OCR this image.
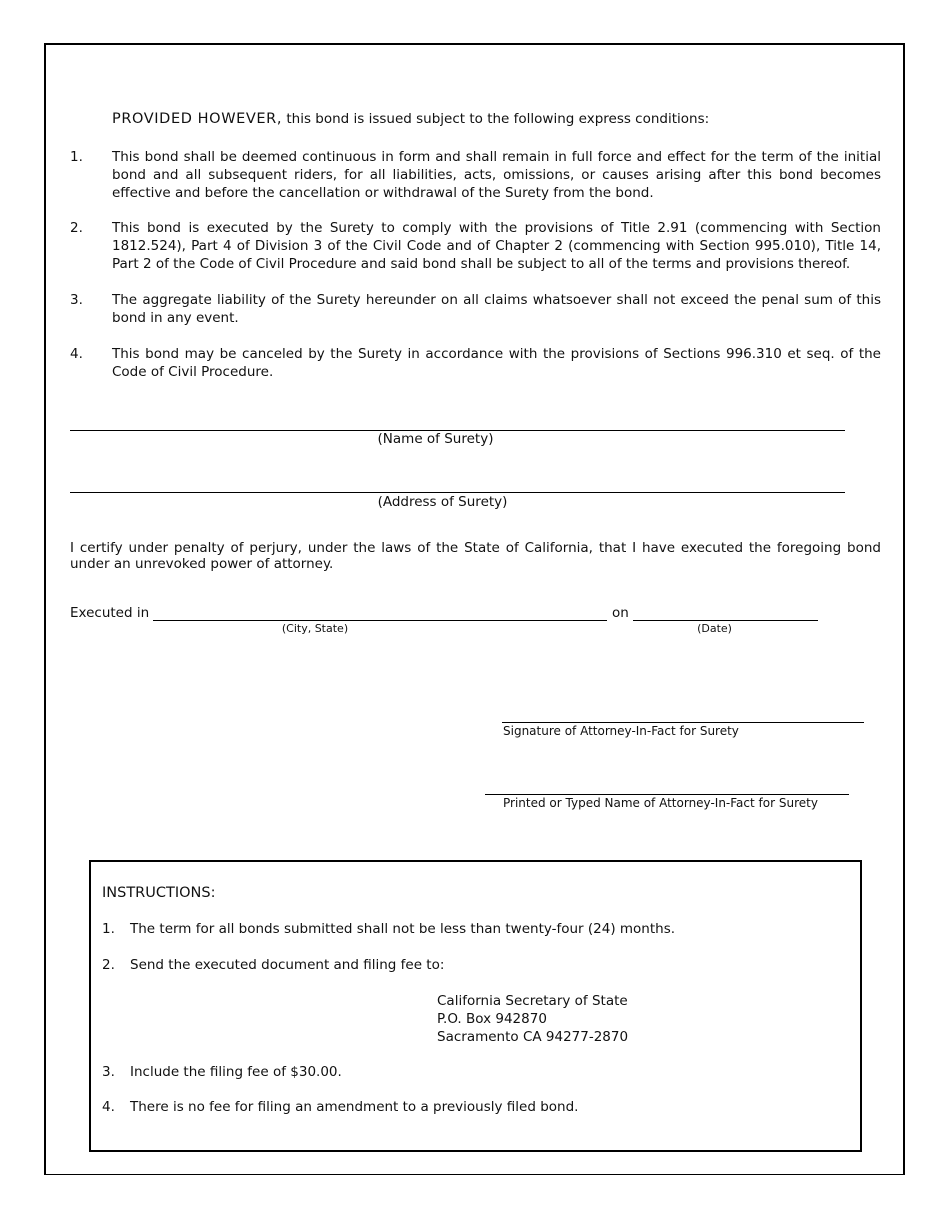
PROVIDED HOWEVER, this bond is issued subject to the following express conditions:
1. This bond shall be deemed continuous in form and shall remain in full force and effect for the term of the initial bond and all subsequent riders, for all liabilities, acts, omissions, or causes arising after this bond becomes effective and before the cancellation or withdrawal of the Surety from the bond.
2. This bond is executed by the Surety to comply with the provisions of Title 2.91 (commencing with Section 1812.524), Part 4 of Division 3 of the Civil Code and of Chapter 2 (commencing with Section 995.010), Title 14, Part 2 of the Code of Civil Procedure and said bond shall be subject to all of the terms and provisions thereof.
3. The aggregate liability of the Surety hereunder on all claims whatsoever shall not exceed the penal sum of this bond in any event.
4. This bond may be canceled by the Surety in accordance with the provisions of Sections 996.310 et seq. of the Code of Civil Procedure.
(Name of Surety)
(Address of Surety)
I certify under penalty of perjury, under the laws of the State of California, that I have executed the foregoing bond under an unrevoked power of attorney.
Executed in
(City, State)
on
(Date)
Signature of Attorney-In-Fact for Surety
Printed or Typed Name of Attorney-In-Fact for Surety
INSTRUCTIONS:
1. The term for all bonds submitted shall not be less than twenty-four (24) months.
2. Send the executed document and filing fee to:
California Secretary of State
P.O. Box 942870
Sacramento CA 94277-2870
3. Include the filing fee of $30.00.
4. There is no fee for filing an amendment to a previously filed bond.
